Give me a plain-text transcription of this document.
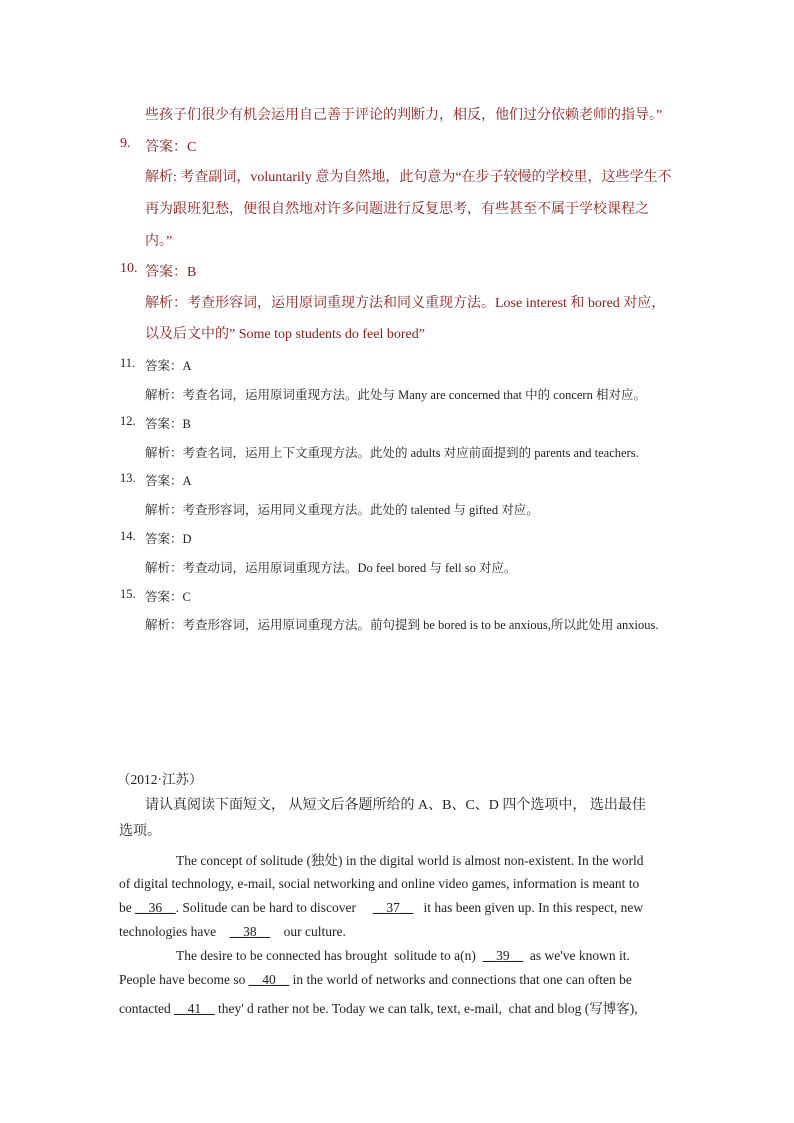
些孩子们很少有机会运用自己善于评论的判断力，相反，他们过分依赖老师的指导。”
9. 答案：C
解析: 考查副词，voluntarily 意为自然地，此句意为“在步子较慢的学校里，这些学生不
再为跟班犯愁，便很自然地对许多问题进行反复思考，有些甚至不属于学校课程之
内。”
10. 答案：B
解析：考查形容词，运用原词重现方法和同义重现方法。Lose interest 和 bored 对应，
以及后文中的” Some top students do feel bored”
11. 答案：A
解析：考查名词，运用原词重现方法。此处与 Many are concerned that 中的 concern 相对应。
12. 答案：B
解析：考查名词，运用上下文重现方法。此处的 adults 对应前面提到的 parents and teachers.
13. 答案：A
解析：考查形容词，运用同义重现方法。此处的 talented 与 gifted 对应。
14. 答案：D
解析：考查动词，运用原词重现方法。Do feel bored 与 fell so 对应。
15. 答案：C
解析：考查形容词，运用原词重现方法。前句提到 be bored is to be anxious,所以此处用 anxious.
（2012·江苏）
请认真阅读下面短文， 从短文后各题所给的 A、B、C、D 四个选项中， 选出最佳
选项。
The concept of solitude (独处) in the digital world is almost non-existent. In the world
of digital technology, e-mail, social networking and online video games, information is meant to
be __36__. Solitude can be hard to discover     __37__   it has been given up. In this respect, new
technologies have    __38__    our culture.
The desire to be connected has brought  solitude to a(n)  __39__  as we've known it.
People have become so __40__ in the world of networks and connections that one can often be
contacted __41__ they' d rather not be. Today we can talk, text, e-mail,  chat and blog (写博客),
